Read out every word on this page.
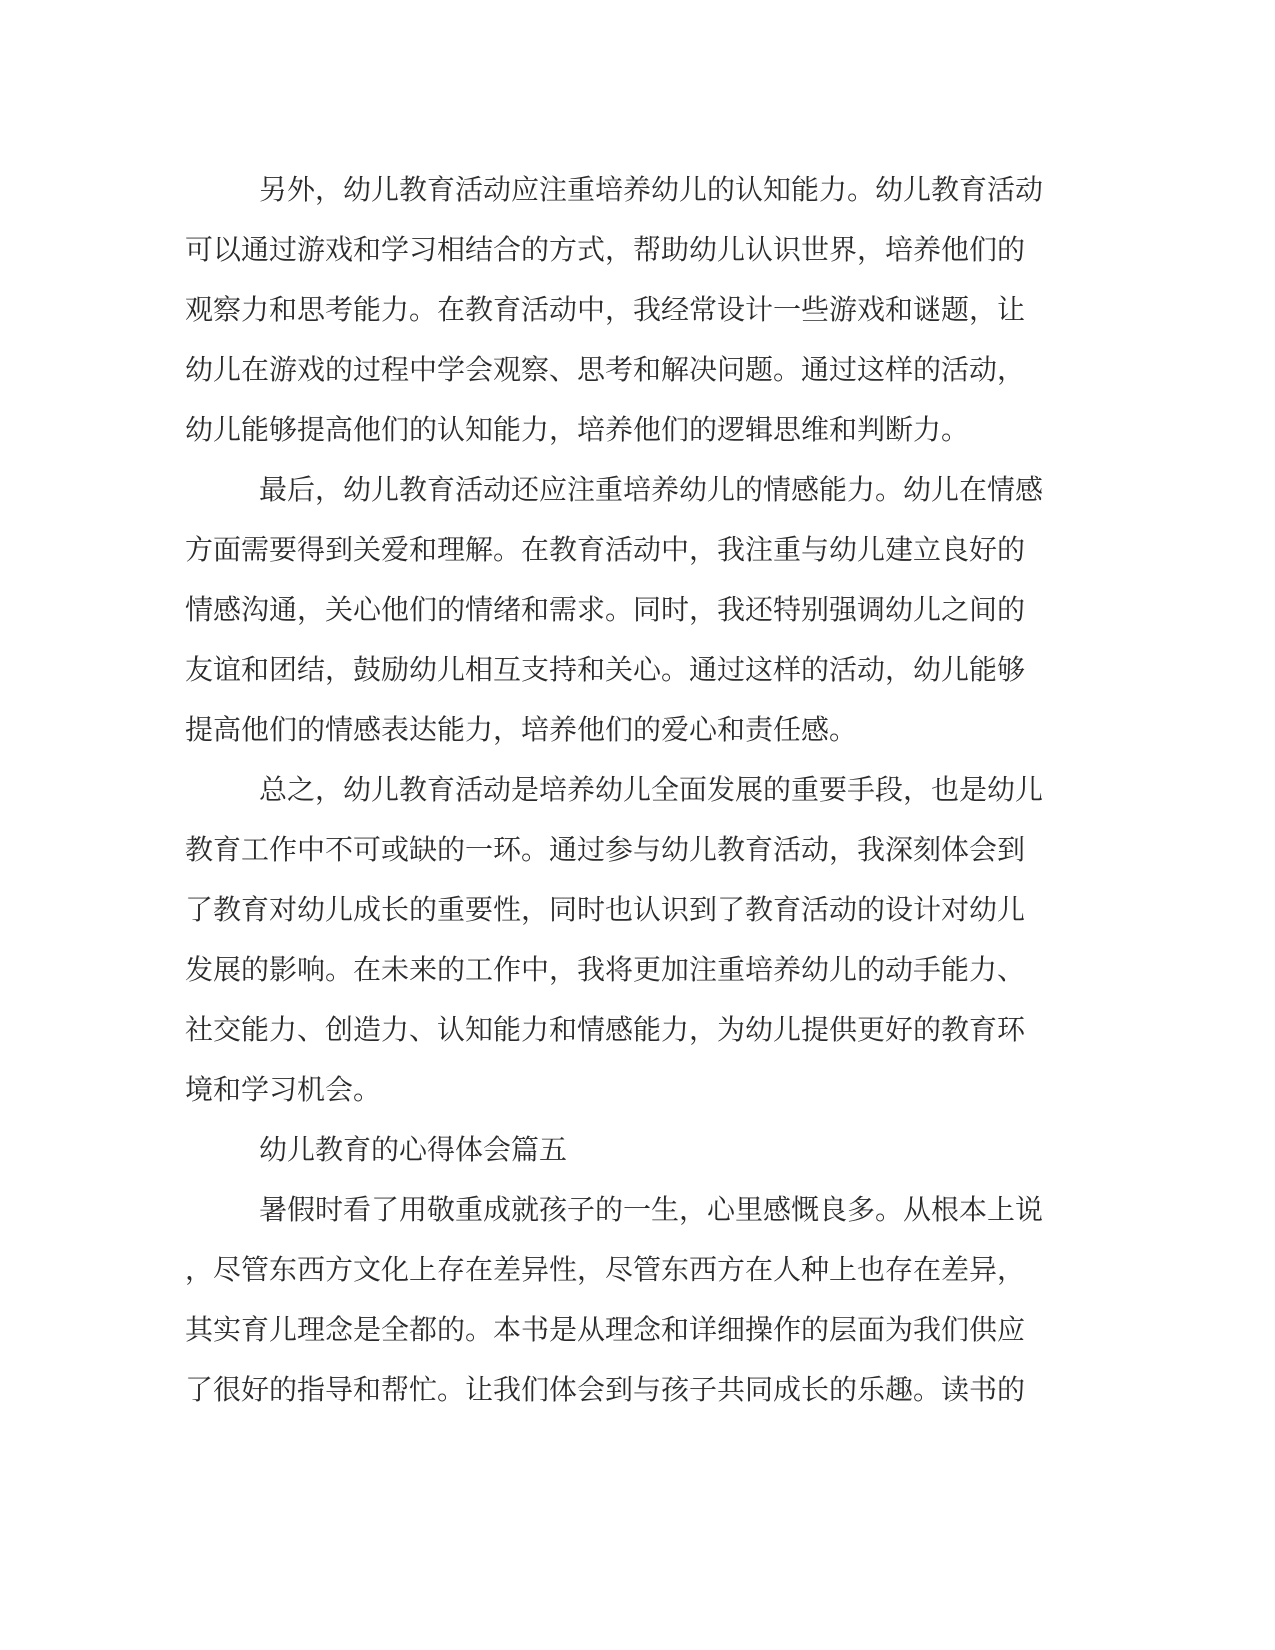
另外，幼儿教育活动应注重培养幼儿的认知能力。幼儿教育活动
可以通过游戏和学习相结合的方式，帮助幼儿认识世界，培养他们的
观察力和思考能力。在教育活动中，我经常设计一些游戏和谜题，让
幼儿在游戏的过程中学会观察、思考和解决问题。通过这样的活动，
幼儿能够提高他们的认知能力，培养他们的逻辑思维和判断力。
最后，幼儿教育活动还应注重培养幼儿的情感能力。幼儿在情感
方面需要得到关爱和理解。在教育活动中，我注重与幼儿建立良好的
情感沟通，关心他们的情绪和需求。同时，我还特别强调幼儿之间的
友谊和团结，鼓励幼儿相互支持和关心。通过这样的活动，幼儿能够
提高他们的情感表达能力，培养他们的爱心和责任感。
总之，幼儿教育活动是培养幼儿全面发展的重要手段，也是幼儿
教育工作中不可或缺的一环。通过参与幼儿教育活动，我深刻体会到
了教育对幼儿成长的重要性，同时也认识到了教育活动的设计对幼儿
发展的影响。在未来的工作中，我将更加注重培养幼儿的动手能力、
社交能力、创造力、认知能力和情感能力，为幼儿提供更好的教育环
境和学习机会。
幼儿教育的心得体会篇五
暑假时看了用敬重成就孩子的一生，心里感慨良多。从根本上说
，尽管东西方文化上存在差异性，尽管东西方在人种上也存在差异，
其实育儿理念是全都的。本书是从理念和详细操作的层面为我们供应
了很好的指导和帮忙。让我们体会到与孩子共同成长的乐趣。读书的
